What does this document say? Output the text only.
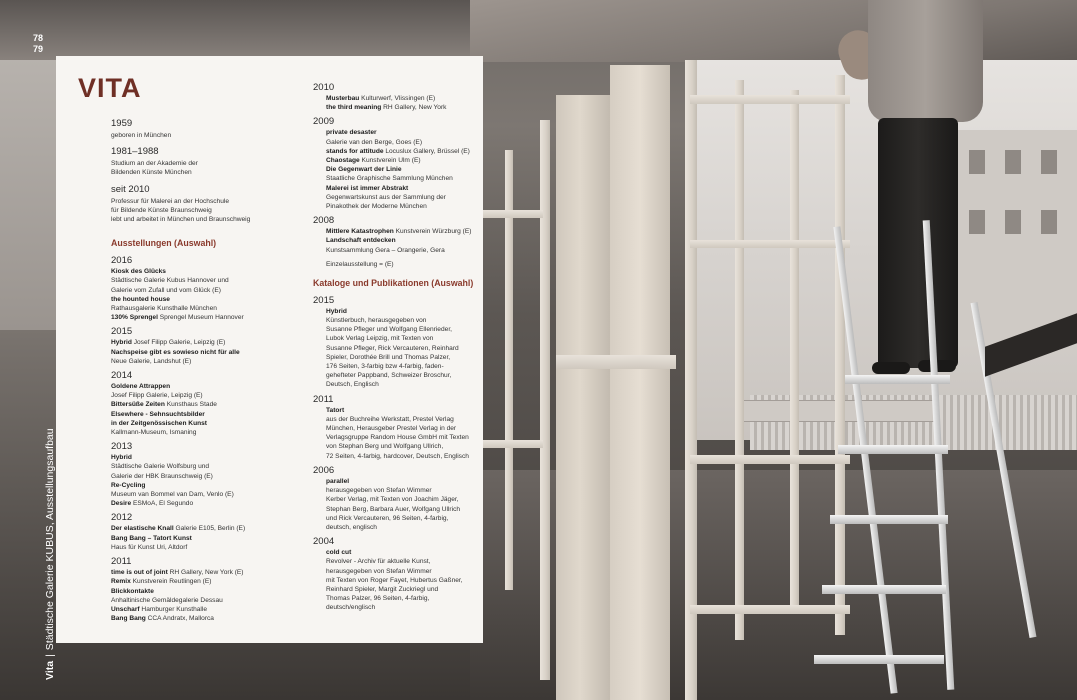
78
79
Vita|Städtische Galerie KUBUS, Ausstellungsaufbau
VITA
1959
geboren in München
1981–1988
Studium an der Akademie der
Bildenden Künste München
seit 2010
Professur für Malerei an der Hochschule
für Bildende Künste Braunschweig
lebt und arbeitet in München und Braunschweig
Ausstellungen (Auswahl)
2016
Kiosk des Glücks
Städtische Galerie Kubus Hannover und
Galerie vom Zufall und vom Glück (E)
the hounted house
Rathausgalerie Kunsthalle München
130% Sprengel Sprengel Museum Hannover
2015
Hybrid Josef Filipp Galerie, Leipzig (E)
Nachspeise gibt es sowieso nicht für alle
Neue Galerie, Landshut (E)
2014
Goldene Attrappen
Josef Filipp Galerie, Leipzig (E)
Bittersüße Zeiten Kunsthaus Stade
Elsewhere - Sehnsuchtsbilder
in der Zeitgenössischen Kunst
Kallmann-Museum, Ismaning
2013
Hybrid
Städtische Galerie Wolfsburg und
Galerie der HBK Braunschweig (E)
Re-Cycling
Museum van Bommel van Dam, Venlo (E)
Desire ESMoA, El Segundo
2012
Der elastische Knall Galerie E105, Berlin (E)
Bang Bang – Tatort Kunst
Haus für Kunst Uri, Altdorf
2011
time is out of joint RH Gallery, New York (E)
Remix Kunstverein Reutlingen (E)
Blickkontakte
Anhaltinische Gemäldegalerie Dessau
Unscharf Hamburger Kunsthalle
Bang Bang CCA Andratx, Mallorca
2010
Musterbau Kulturwerf, Vlissingen (E)
the third meaning RH Gallery, New York
2009
private desaster
Galerie van den Berge, Goes (E)
stands for attitude Locuslux Gallery, Brüssel (E)
Chaostage Kunstverein Ulm (E)
Die Gegenwart der Linie
Staatliche Graphische Sammlung München
Malerei ist immer Abstrakt
Gegenwartskunst aus der Sammlung der
Pinakothek der Moderne München
2008
Mittlere Katastrophen Kunstverein Würzburg (E)
Landschaft entdecken
Kunstsammlung Gera – Orangerie, Gera
Einzelausstellung = (E)
Kataloge und Publikationen (Auswahl)
2015
Hybrid
Künstlerbuch, herausgegeben von
Susanne Pfleger und Wolfgang Ellenrieder,
Lubok Verlag Leipzig, mit Texten von
Susanne Pfleger, Rick Vercauteren, Reinhard
Spieler, Dorothée Brill und Thomas Palzer,
176 Seiten, 3-farbig bzw 4-farbig, faden-
gehefteter Pappband, Schweizer Broschur,
Deutsch, Englisch
2011
Tatort
aus der Buchreihe Werkstatt, Prestel Verlag
München, Herausgeber Prestel Verlag in der
Verlagsgruppe Random House GmbH mit Texten
von Stephan Berg und Wolfgang Ullrich,
72 Seiten, 4-farbig, hardcover, Deutsch, Englisch
2006
parallel
herausgegeben von Stefan Wimmer
Kerber Verlag, mit Texten von Joachim Jäger,
Stephan Berg, Barbara Auer, Wolfgang Ullrich
und Rick Vercauteren, 96 Seiten, 4-farbig,
deutsch, englisch
2004
cold cut
Revolver - Archiv für aktuelle Kunst,
herausgegeben von Stefan Wimmer
mit Texten von Roger Fayet, Hubertus Gaßner,
Reinhard Spieler, Margit Zuckriegl und
Thomas Palzer, 96 Seiten, 4-farbig,
deutsch/englisch
